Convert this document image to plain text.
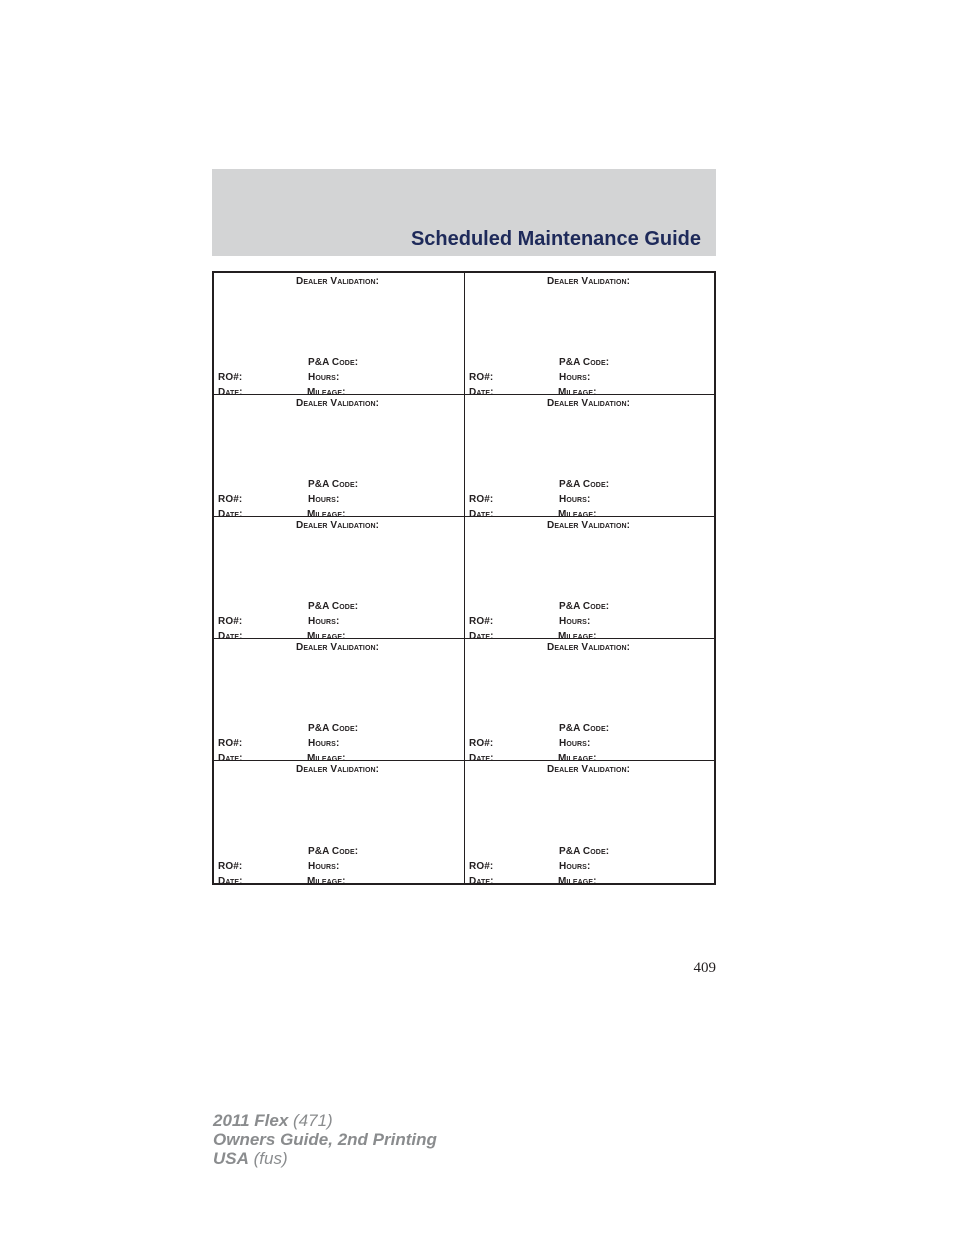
Scheduled Maintenance Guide
Dealer Validation:
P&A Code:
RO#:	Hours:
Date:	Mileage:
Dealer Validation:
P&A Code:
RO#:	Hours:
Date:	Mileage:
Dealer Validation:
P&A Code:
RO#:	Hours:
Date:	Mileage:
Dealer Validation:
P&A Code:
RO#:	Hours:
Date:	Mileage:
Dealer Validation:
P&A Code:
RO#:	Hours:
Date:	Mileage:
Dealer Validation:
P&A Code:
RO#:	Hours:
Date:	Mileage:
Dealer Validation:
P&A Code:
RO#:	Hours:
Date:	Mileage:
Dealer Validation:
P&A Code:
RO#:	Hours:
Date:	Mileage:
Dealer Validation:
P&A Code:
RO#:	Hours:
Date:	Mileage:
Dealer Validation:
P&A Code:
RO#:	Hours:
Date:	Mileage:
409
2011 Flex (471)
Owners Guide, 2nd Printing
USA (fus)
